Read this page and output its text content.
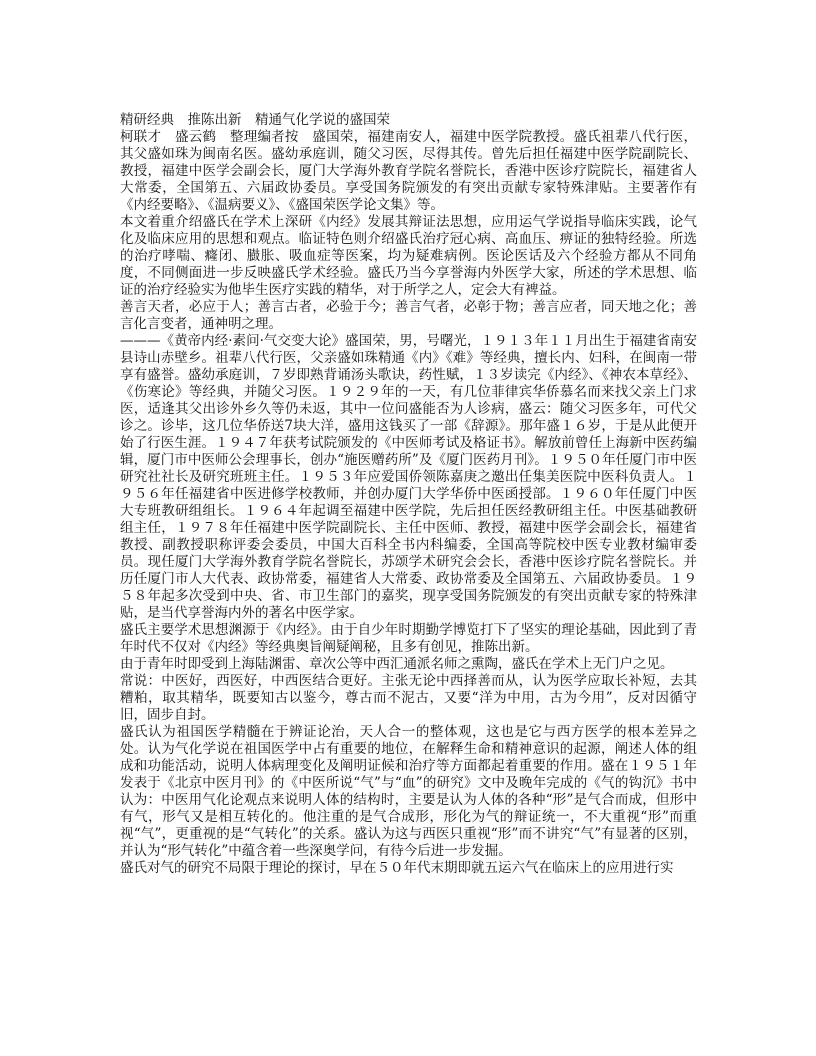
精研经典　推陈出新　精通气化学说的盛国荣

柯联才　盛云鹤　整理编者按　盛国荣，福建南安人，福建中医学院教授。盛氏祖辈八代行医，其父盛如珠为闽南名医。盛幼承庭训，随父习医，尽得其传。曾先后担任福建中医学院副院长、教授，福建中医学会副会长，厦门大学海外教育学院名誉院长，香港中医诊疗院院长，福建省人大常委，全国第五、六届政协委员。享受国务院颁发的有突出贡献专家特殊津贴。主要著作有《内经要略》、《温病要义》、《盛国荣医学论文集》等。

本文着重介绍盛氏在学术上深研《内经》发展其辩证法思想，应用运气学说指导临床实践，论气化及临床应用的思想和观点。临证特色则介绍盛氏治疗冠心病、高血压、痹证的独特经验。所选的治疗哮喘、癃闭、臌胀、吸血症等医案，均为疑难病例。医论医话及六个经验方都从不同角度，不同侧面进一步反映盛氏学术经验。盛氏乃当今享誉海内外医学大家，所述的学术思想、临证的治疗经验实为他毕生医疗实践的精华，对于所学之人，定会大有裨益。

善言天者，必应于人；善言古者，必验于今；善言气者，必彰于物；善言应者，同天地之化；善言化言变者，通神明之理。

———《黄帝内经·素问·气交变大论》盛国荣，男，号曙光，１９１３年１１月出生于福建省南安县诗山赤壁乡。祖辈八代行医，父亲盛如珠精通《内》《难》等经典，擅长内、妇科，在闽南一带享有盛誉。盛幼承庭训，７岁即熟背诵汤头歌诀，药性赋，１３岁读完《内经》、《神农本草经》、《伤寒论》等经典，并随父习医。１９２９年的一天，有几位菲律宾华侨慕名而来找父亲上门求医，适逢其父出诊外乡久等仍未返，其中一位问盛能否为人诊病，盛云：随父习医多年，可代父诊之。诊毕，这几位华侨送7块大洋，盛用这钱买了一部《辞源》。那年盛１６岁，于是从此便开始了行医生涯。１９４７年获考试院颁发的《中医师考试及格证书》。解放前曾任上海新中医药编辑，厦门市中医师公会理事长，创办“施医赠药所”及《厦门医药月刊》。１９５０年任厦门市中医研究社社长及研究班班主任。１９５３年应爱国侨领陈嘉庚之邀出任集美医院中医科负责人。１９５６年任福建省中医进修学校教师，并创办厦门大学华侨中医函授部。１９６０年任厦门中医大专班教研组组长。１９６４年起调至福建中医学院，先后担任医经教研组主任。中医基础教研组主任，１９７８年任福建中医学院副院长、主任中医师、教授，福建中医学会副会长，福建省教授、副教授职称评委会委员，中国大百科全书内科编委，全国高等院校中医专业教材编审委员。现任厦门大学海外教育学院名誉院长，苏颂学术研究会会长，香港中医诊疗院名誉院长。并历任厦门市人大代表、政协常委，福建省人大常委、政协常委及全国第五、六届政协委员。１９５８年起多次受到中央、省、市卫生部门的嘉奖，现享受国务院颁发的有突出贡献专家的特殊津贴，是当代享誉海内外的著名中医学家。

盛氏主要学术思想渊源于《内经》。由于自少年时期勤学博览打下了坚实的理论基础，因此到了青年时代不仅对《内经》等经典奥旨阐疑阐秘，且多有创见，推陈出新。

由于青年时即受到上海陆渊雷、章次公等中西汇通派名师之熏陶，盛氏在学术上无门户之见。

常说：中医好，西医好，中西医结合更好。主张无论中西择善而从，认为医学应取长补短，去其糟粕，取其精华，既要知古以鉴今，尊古而不泥古，又要“洋为中用，古为今用”，反对因循守旧，固步自封。

盛氏认为祖国医学精髓在于辨证论治，天人合一的整体观，这也是它与西方医学的根本差异之处。认为气化学说在祖国医学中占有重要的地位，在解释生命和精神意识的起源，阐述人体的组成和功能活动，说明人体病理变化及阐明证候和治疗等方面都起着重要的作用。盛在１９５１年发表于《北京中医月刊》的《中医所说“气”与“血”的研究》文中及晚年完成的《气的钩沉》书中认为：中医用气化论观点来说明人体的结构时，主要是认为人体的各种“形”是气合而成，但形中有气，形气又是相互转化的。他注重的是气合成形，形化为气的辩证统一，不大重视“形”而重视“气”，更重视的是“气转化”的关系。盛认为这与西医只重视“形”而不讲究“气”有显著的区别，并认为“形气转化”中蕴含着一些深奥学问，有待今后进一步发掘。

盛氏对气的研究不局限于理论的探讨，早在５０年代末期即就五运六气在临床上的应用进行实
